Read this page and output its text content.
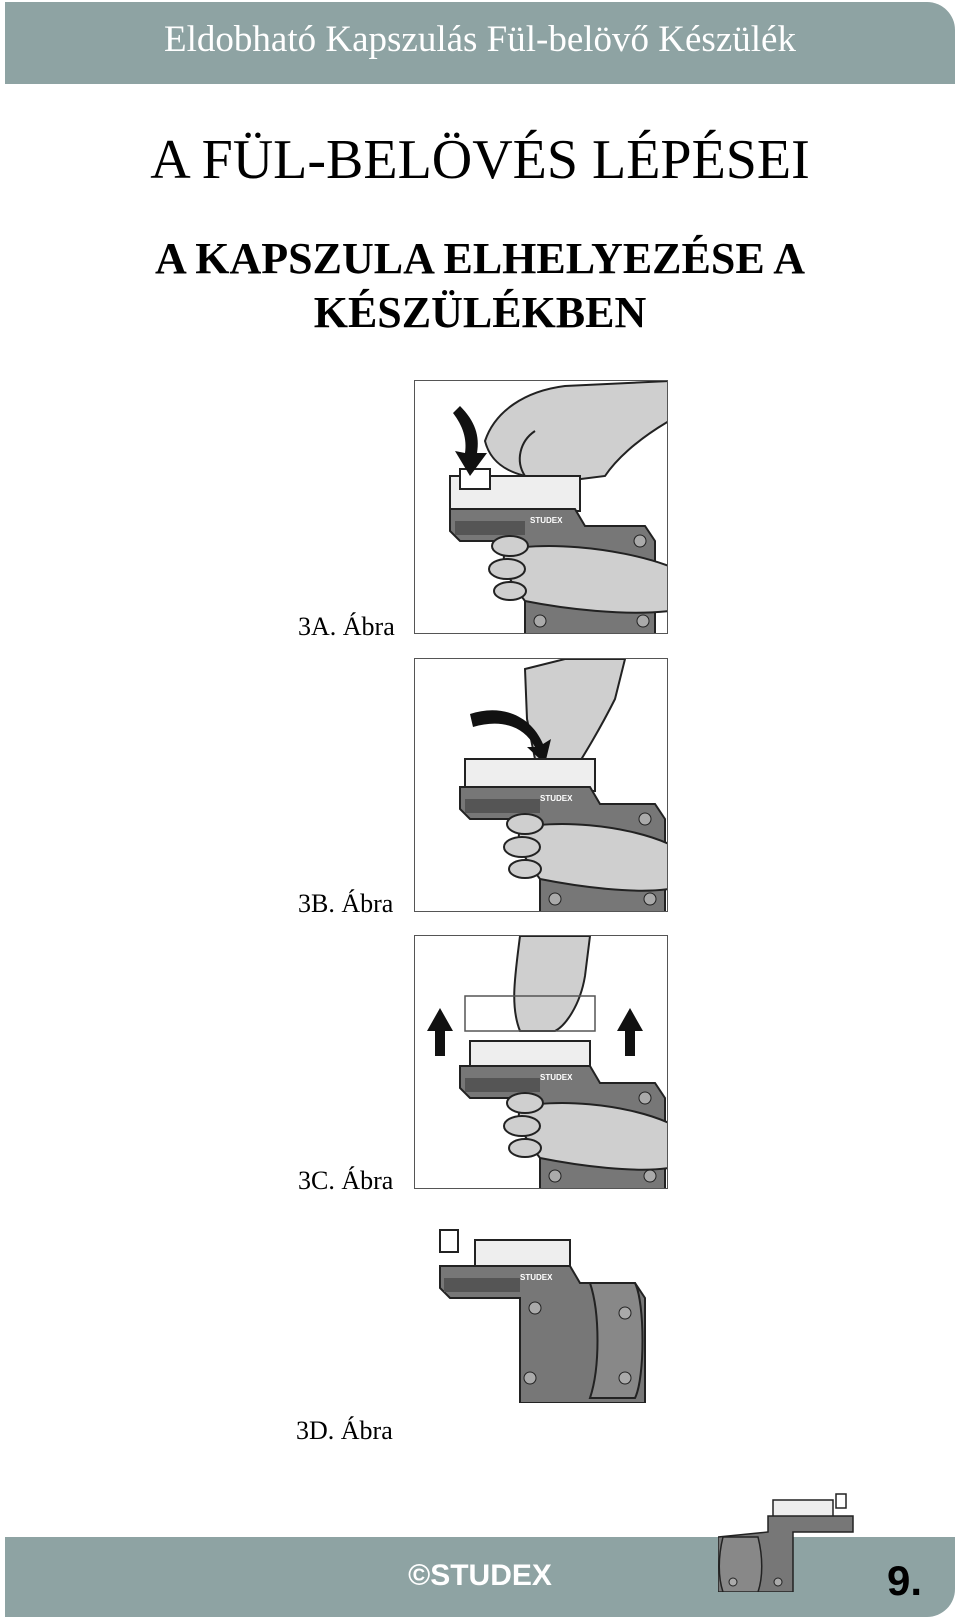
Eldobható Kapszulás Fül-belövő Készülék
A FÜL-BELÖVÉS LÉPÉSEI
A KAPSZULA ELHELYEZÉSE A
KÉSZÜLÉKBEN
STUDEX
3A. Ábra
STUDEX
3B. Ábra
STUDEX
3C. Ábra
STUDEX
3D. Ábra
©STUDEX	9.
